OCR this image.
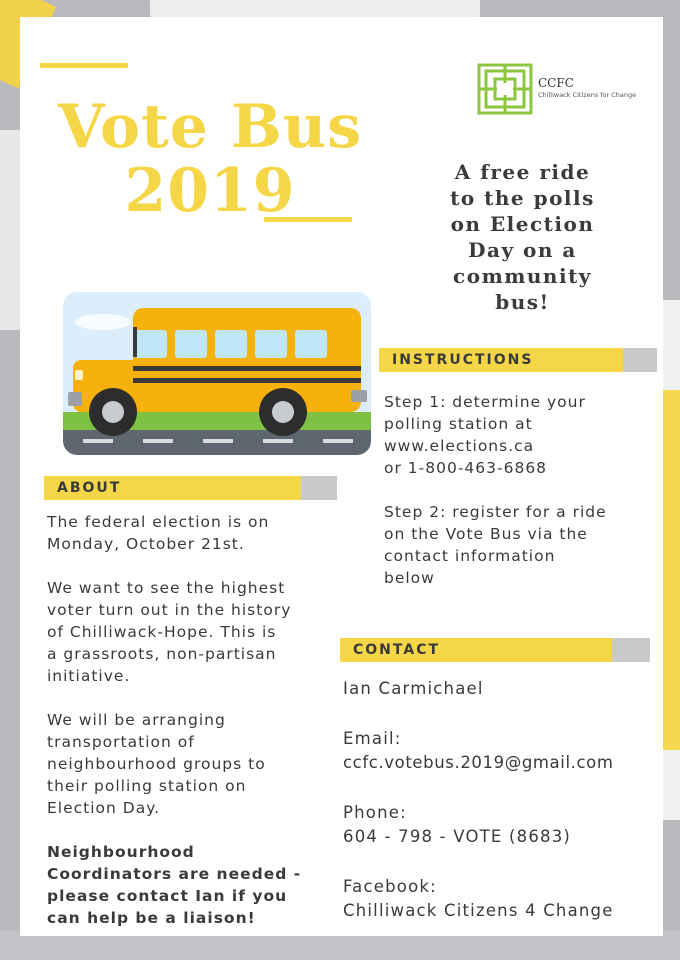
Vote Bus
2019
CCFC
Chilliwack Citizens for Change
A free ride
to the polls
on Election
Day on a
community
bus!
INSTRUCTIONS

Step 1: determine your

polling station at

www.elections.ca

or 1-800-463-6868

Step 2: register for a ride

on the Vote Bus via the

contact information

below

ABOUT

The federal election is on

Monday, October 21st.

We want to see the highest

voter turn out in the history

of Chilliwack-Hope. This is

a grassroots, non-partisan

initiative.

We will be arranging

transportation of

neighbourhood groups to

their polling station on

Election Day.

Neighbourhood

Coordinators are needed -

please contact Ian if you

can help be a liaison!

CONTACT

Ian Carmichael

Email:

ccfc.votebus.2019@gmail.com

Phone:

604 - 798 - VOTE (8683)

Facebook:

Chilliwack Citizens 4 Change
